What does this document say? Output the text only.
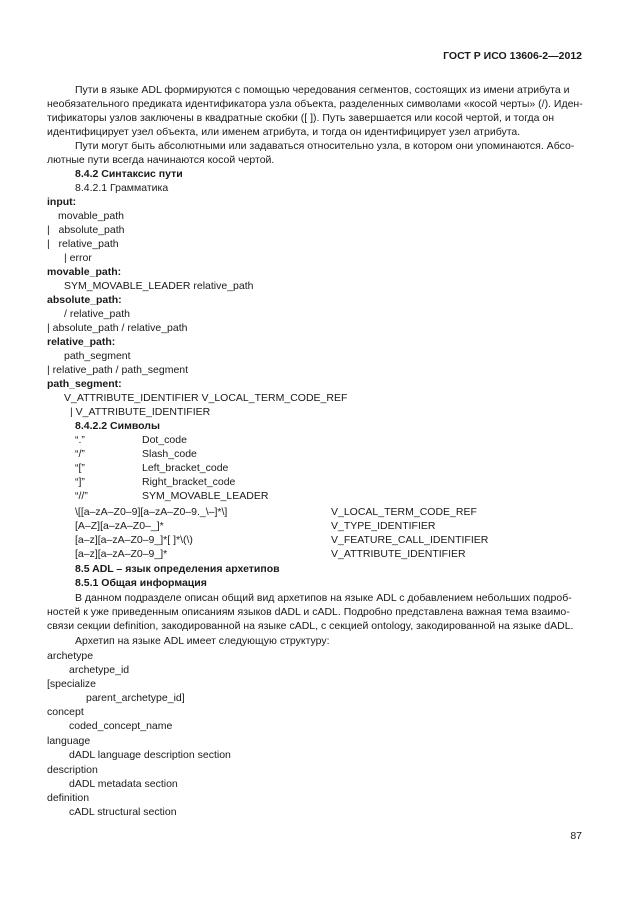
ГОСТ Р ИСО 13606-2—2012
Пути в языке ADL формируются с помощью чередования сегментов, состоящих из имени атрибута и
необязательного предиката идентификатора узла объекта, разделенных символами «косой черты» (/). Иден-
тификаторы узлов заключены в квадратные скобки ([ ]). Путь завершается или косой чертой, и тогда он
идентифицирует узел объекта, или именем атрибута, и тогда он идентифицирует узел атрибута.
Пути могут быть абсолютными или задаваться относительно узла, в котором они упоминаются. Абсо-
лютные пути всегда начинаются косой чертой.
8.4.2 Синтаксис пути
8.4.2.1 Грамматика
input:
movable_path
|   absolute_path
|   relative_path
| error
movable_path:
SYM_MOVABLE_LEADER relative_path
absolute_path:
/ relative_path
| absolute_path / relative_path
relative_path:
path_segment
| relative_path / path_segment
path_segment:
V_ATTRIBUTE_IDENTIFIER V_LOCAL_TERM_CODE_REF
| V_ATTRIBUTE_IDENTIFIER
8.4.2.2 Символы
“.”	Dot_code
“/”	Slash_code
“[”	Left_bracket_code
“]”	Right_bracket_code
“//”	SYM_MOVABLE_LEADER
\[[a–zA–Z0–9][a–zA–Z0–9._\–]*\]	V_LOCAL_TERM_CODE_REF
[A–Z][a–zA–Z0–_]*	V_TYPE_IDENTIFIER
[a–z][a–zA–Z0–9_]*[ ]*\(\)	V_FEATURE_CALL_IDENTIFIER
[a–z][a–zA–Z0–9_]*	V_ATTRIBUTE_IDENTIFIER
8.5 ADL – язык определения архетипов
8.5.1 Общая информация
В данном подразделе описан общий вид архетипов на языке ADL с добавлением небольших подроб-
ностей к уже приведенным описаниям языков dADL и cADL. Подробно представлена важная тема взаимо-
связи секции definition, закодированной на языке cADL, с секцией ontology, закодированной на языке dADL.
Архетип на языке ADL имеет следующую структуру:
archetype
archetype_id
[specialize
parent_archetype_id]
concept
coded_concept_name
language
dADL language description section
description
dADL metadata section
definition
cADL structural section
87
